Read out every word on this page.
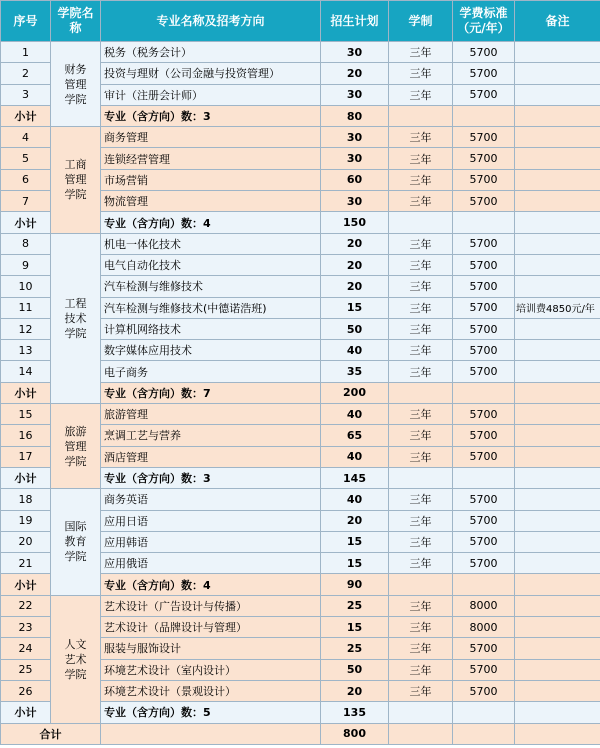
序号	学院名称	专业名称及招考方向	招生计划	学制	学费标准（元/年）	备注
1	财务管理学院	税务（税务会计）	30	三年	5700	
2		投资与理财（公司金融与投资管理）	20	三年	5700	
3		审计（注册会计师）	30	三年	5700	
小计		专业（含方向）数：3	80			
4	工商管理学院	商务管理	30	三年	5700	
5		连锁经营管理	30	三年	5700	
6		市场营销	60	三年	5700	
7		物流管理	30	三年	5700	
小计		专业（含方向）数：4	150			
8	工程技术学院	机电一体化技术	20	三年	5700	
9		电气自动化技术	20	三年	5700	
10		汽车检测与维修技术	20	三年	5700	
11		汽车检测与维修技术(中德诺浩班)	15	三年	5700	培训费4850元/年
12		计算机网络技术	50	三年	5700	
13		数字媒体应用技术	40	三年	5700	
14		电子商务	35	三年	5700	
小计		专业（含方向）数：7	200			
15	旅游管理学院	旅游管理	40	三年	5700	
16		烹调工艺与营养	65	三年	5700	
17		酒店管理	40	三年	5700	
小计		专业（含方向）数：3	145			
18	国际教育学院	商务英语	40	三年	5700	
19		应用日语	20	三年	5700	
20		应用韩语	15	三年	5700	
21		应用俄语	15	三年	5700	
小计		专业（含方向）数：4	90			
22	人文艺术学院	艺术设计（广告设计与传播）	25	三年	8000	
23		艺术设计（品牌设计与管理）	15	三年	8000	
24		服装与服饰设计	25	三年	5700	
25		环境艺术设计（室内设计）	50	三年	5700	
26		环境艺术设计（景观设计）	20	三年	5700	
小计		专业（含方向）数：5	135			
合计			800			
